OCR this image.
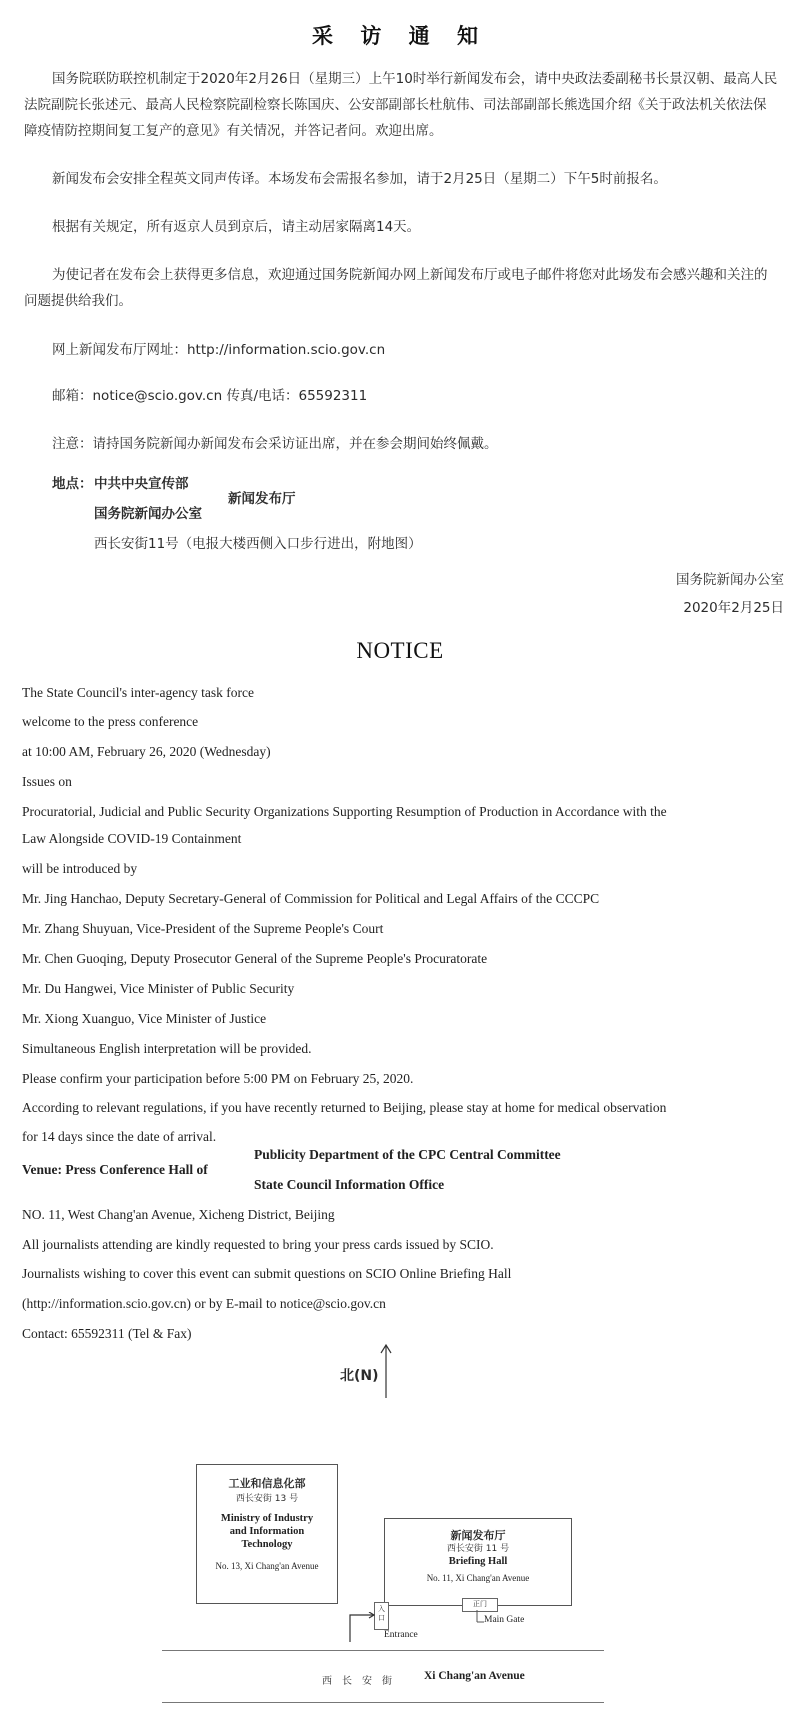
采 访 通 知
国务院联防联控机制定于2020年2月26日（星期三）上午10时举行新闻发布会，请中央政法委副秘书长景汉朝、最高人民法院副院长张述元、最高人民检察院副检察长陈国庆、公安部副部长杜航伟、司法部副部长熊选国介绍《关于政法机关依法保障疫情防控期间复工复产的意见》有关情况，并答记者问。欢迎出席。
新闻发布会安排全程英文同声传译。本场发布会需报名参加，请于2月25日（星期二）下午5时前报名。
根据有关规定，所有返京人员到京后，请主动居家隔离14天。
为使记者在发布会上获得更多信息，欢迎通过国务院新闻办网上新闻发布厅或电子邮件将您对此场发布会感兴趣和关注的问题提供给我们。
网上新闻发布厅网址：http://information.scio.gov.cn
邮箱：notice@scio.gov.cn 传真/电话：65592311
注意：请持国务院新闻办新闻发布会采访证出席，并在参会期间始终佩戴。
地点： 中共中央宣传部
国务院新闻办公室
新闻发布厅
西长安街11号（电报大楼西侧入口步行进出，附地图）
国务院新闻办公室
2020年2月25日
NOTICE
The State Council's inter-agency task force
welcome to the press conference
at 10:00 AM, February 26, 2020 (Wednesday)
Issues on
Procuratorial, Judicial and Public Security Organizations Supporting Resumption of Production in Accordance with the
Law Alongside COVID-19 Containment
will be introduced by
Mr. Jing Hanchao, Deputy Secretary-General of Commission for Political and Legal Affairs of the CCCPC
Mr. Zhang Shuyuan, Vice-President of the Supreme People's Court
Mr. Chen Guoqing, Deputy Prosecutor General of the Supreme People's Procuratorate
Mr. Du Hangwei, Vice Minister of Public Security
Mr. Xiong Xuanguo, Vice Minister of Justice
Simultaneous English interpretation will be provided.
Please confirm your participation before 5:00 PM on February 25, 2020.
According to relevant regulations, if you have recently returned to Beijing, please stay at home for medical observation
for 14 days since the date of arrival.
Venue: Press Conference Hall of
Publicity Department of the CPC Central Committee
State Council Information Office
NO. 11, West Chang'an Avenue, Xicheng District, Beijing
All journalists attending are kindly requested to bring your press cards issued by SCIO.
Journalists wishing to cover this event can submit questions on SCIO Online Briefing Hall
(http://information.scio.gov.cn) or by E-mail to notice@scio.gov.cn
Contact: 65592311 (Tel & Fax)
北(N)
工业和信息化部
西长安街 13 号
Ministry of Industry
and Information
Technology
No. 13, Xi Chang'an Avenue
新闻发布厅
西长安街 11 号
Briefing Hall
No. 11, Xi Chang'an Avenue
正门
Main Gate
入口
Entrance
西　长　安　街	Xi Chang'an Avenue
